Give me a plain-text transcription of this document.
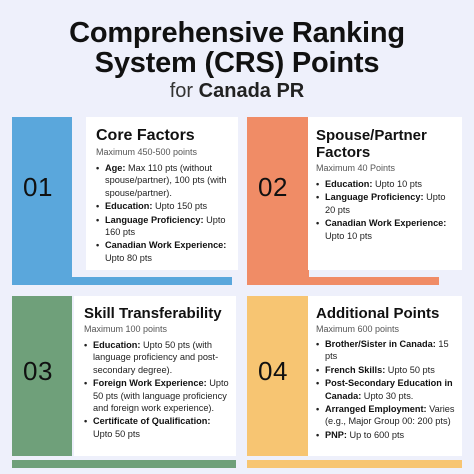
Comprehensive Ranking
System (CRS) Points
for Canada PR
01
Core Factors
Maximum 450-500 points
• Age: Max 110 pts (without spouse/partner), 100 pts (with spouse/partner).
• Education: Upto 150 pts
• Language Proficiency: Upto 160 pts
• Canadian Work Experience: Upto 80 pts
02
Spouse/Partner Factors
Maximum 40 Points
• Education: Upto 10 pts
• Language Proficiency: Upto 20 pts
• Canadian Work Experience: Upto 10 pts
03
Skill Transferability
Maximum 100 points
• Education: Upto 50 pts (with language proficiency and post-secondary degree).
• Foreign Work Experience: Upto 50 pts (with language proficiency and foreign work experience).
• Certificate of Qualification: Upto 50 pts
04
Additional Points
Maximum 600 points
• Brother/Sister in Canada: 15 pts
• French Skills: Upto 50 pts
• Post-Secondary Education in Canada: Upto 30 pts.
• Arranged Employment: Varies (e.g., Major Group 00: 200 pts)
• PNP: Up to 600 pts
